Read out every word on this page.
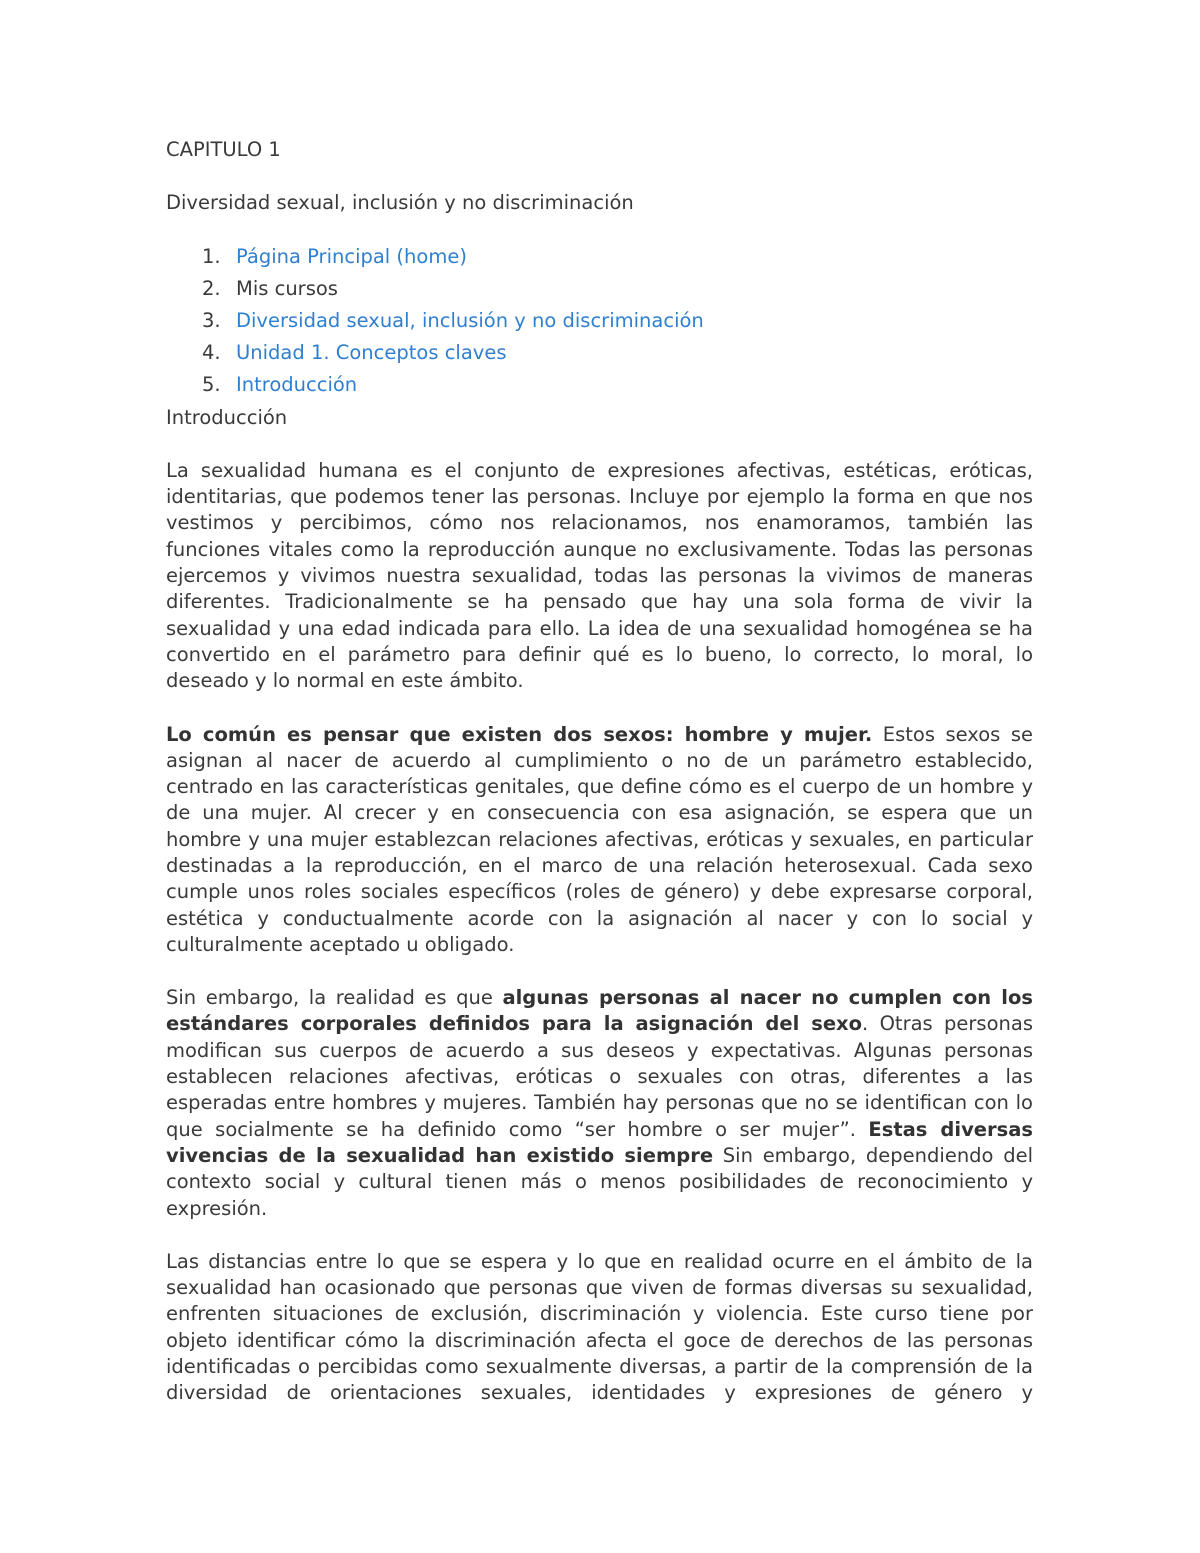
CAPITULO 1

Diversidad sexual, inclusión y no discriminación

1. Página Principal (home)
2. Mis cursos
3. Diversidad sexual, inclusión y no discriminación
4. Unidad 1. Conceptos claves
5. Introducción

Introducción

La sexualidad humana es el conjunto de expresiones afectivas, estéticas, eróticas, identitarias, que podemos tener las personas. Incluye por ejemplo la forma en que nos vestimos y percibimos, cómo nos relacionamos, nos enamoramos, también las funciones vitales como la reproducción aunque no exclusivamente. Todas las personas ejercemos y vivimos nuestra sexualidad, todas las personas la vivimos de maneras diferentes. Tradicionalmente se ha pensado que hay una sola forma de vivir la sexualidad y una edad indicada para ello. La idea de una sexualidad homogénea se ha convertido en el parámetro para definir qué es lo bueno, lo correcto, lo moral, lo deseado y lo normal en este ámbito.

Lo común es pensar que existen dos sexos: hombre y mujer. Estos sexos se asignan al nacer de acuerdo al cumplimiento o no de un parámetro establecido, centrado en las características genitales, que define cómo es el cuerpo de un hombre y de una mujer. Al crecer y en consecuencia con esa asignación, se espera que un hombre y una mujer establezcan relaciones afectivas, eróticas y sexuales, en particular destinadas a la reproducción, en el marco de una relación heterosexual. Cada sexo cumple unos roles sociales específicos (roles de género) y debe expresarse corporal, estética y conductualmente acorde con la asignación al nacer y con lo social y culturalmente aceptado u obligado.

Sin embargo, la realidad es que algunas personas al nacer no cumplen con los estándares corporales definidos para la asignación del sexo. Otras personas modifican sus cuerpos de acuerdo a sus deseos y expectativas. Algunas personas establecen relaciones afectivas, eróticas o sexuales con otras, diferentes a las esperadas entre hombres y mujeres. También hay personas que no se identifican con lo que socialmente se ha definido como “ser hombre o ser mujer”. Estas diversas vivencias de la sexualidad han existido siempre Sin embargo, dependiendo del contexto social y cultural tienen más o menos posibilidades de reconocimiento y expresión.

Las distancias entre lo que se espera y lo que en realidad ocurre en el ámbito de la sexualidad han ocasionado que personas que viven de formas diversas su sexualidad, enfrenten situaciones de exclusión, discriminación y violencia. Este curso tiene por objeto identificar cómo la discriminación afecta el goce de derechos de las personas identificadas o percibidas como sexualmente diversas, a partir de la comprensión de la diversidad de orientaciones sexuales, identidades y expresiones de género y
